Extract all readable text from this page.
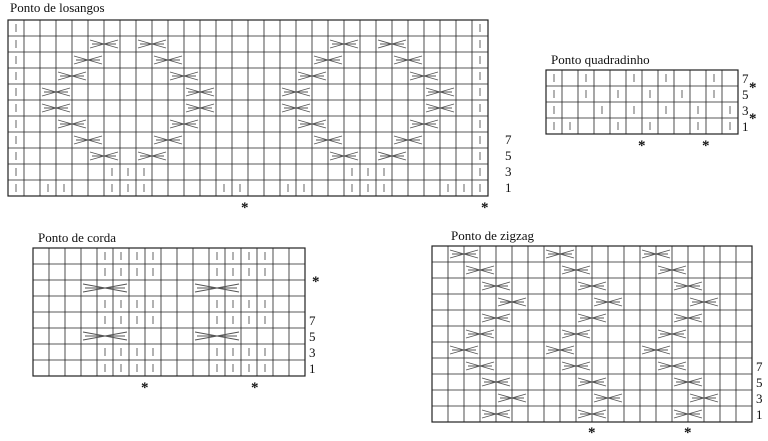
Ponto de losangos
7
5
3
1
*	*
Ponto quadradinho
7
5
3
1
*
*
*	*
Ponto de corda
7
5
3
1
*
*	*
Ponto de zigzag
7
5
3
1
*	*
